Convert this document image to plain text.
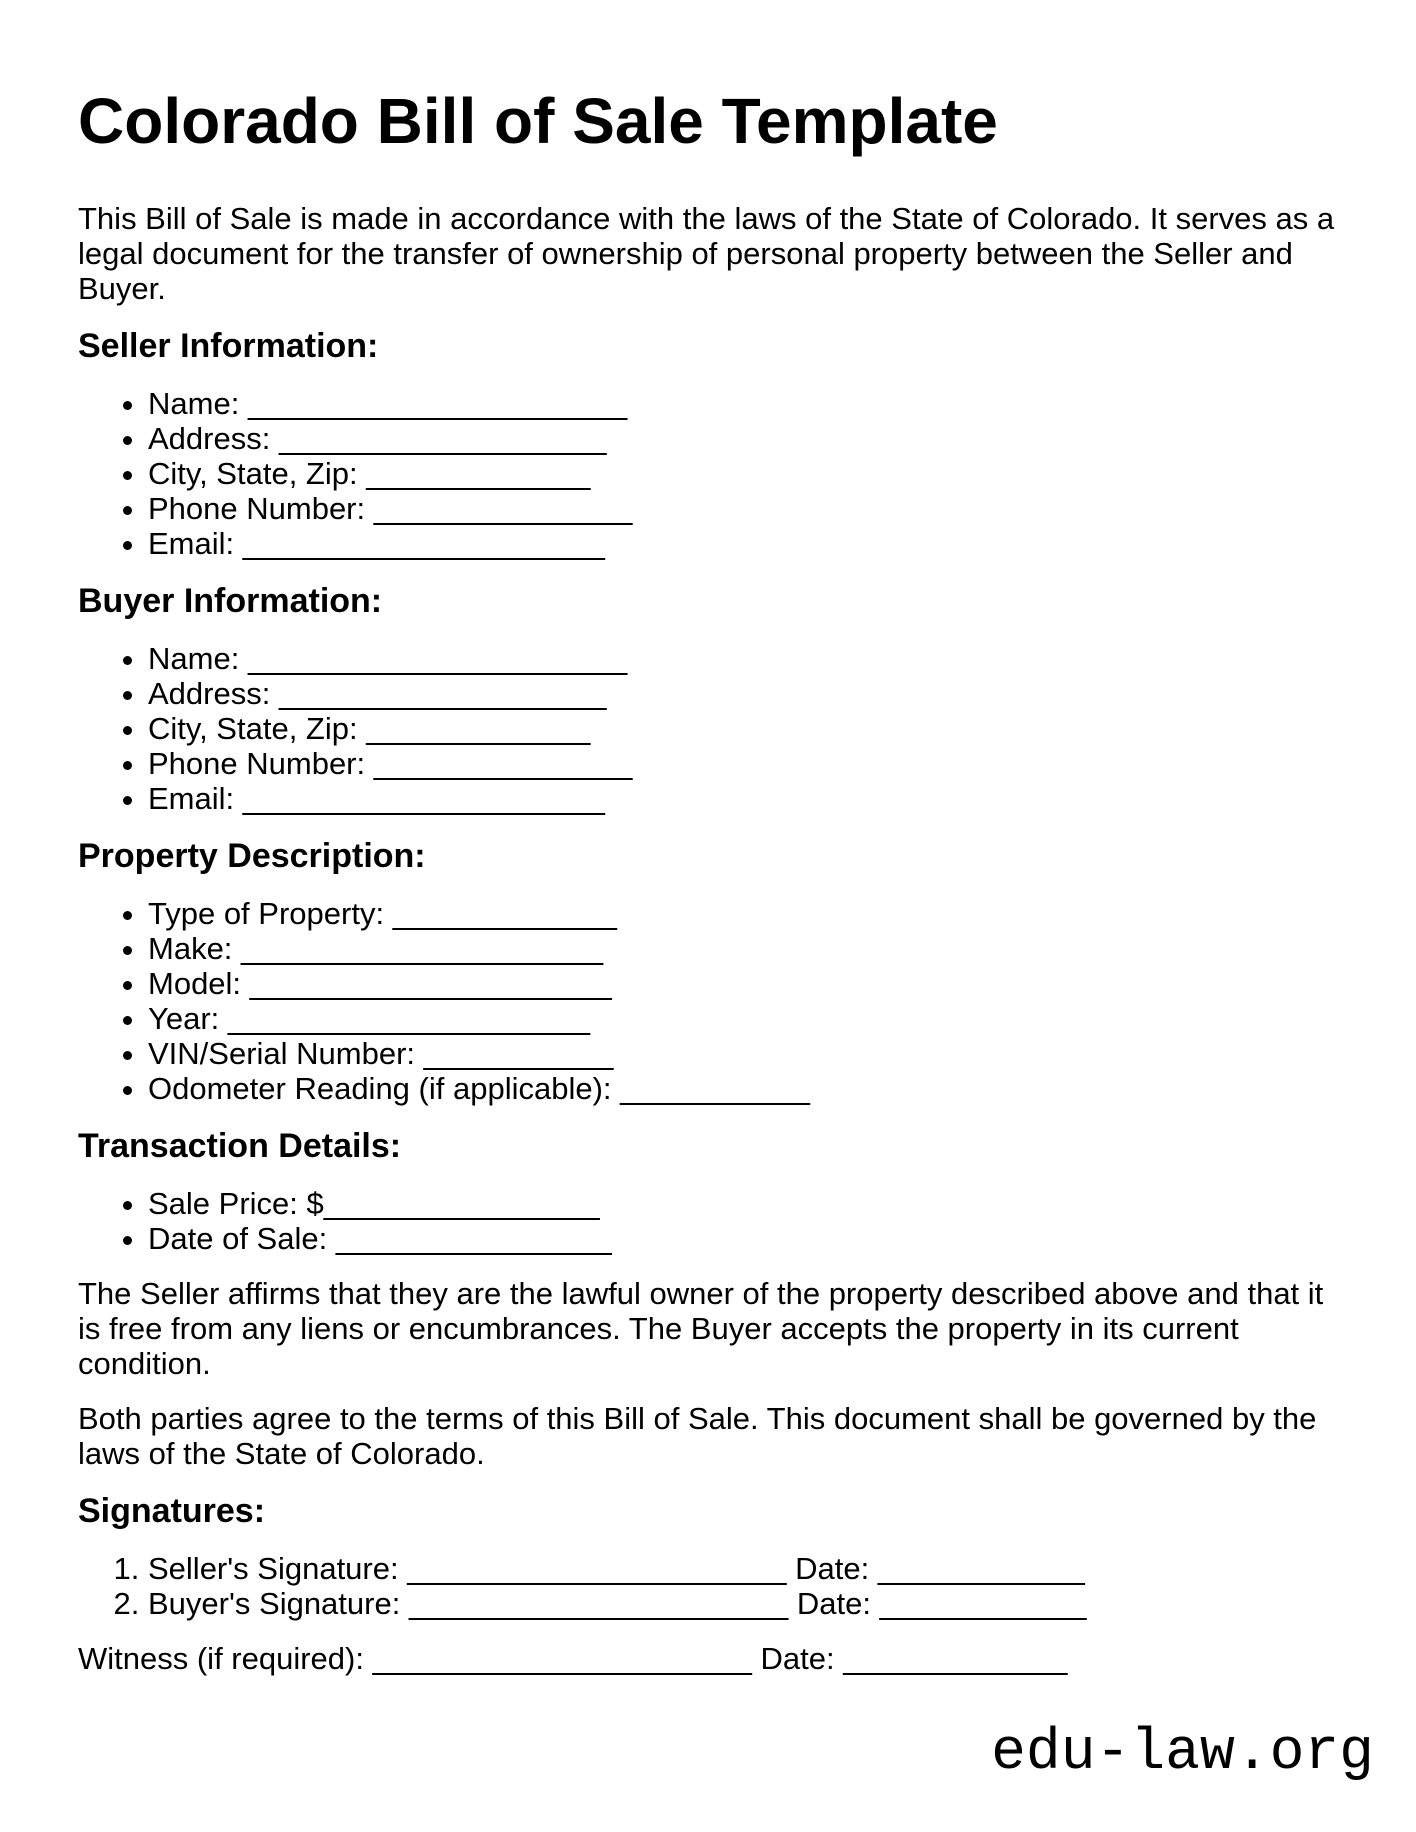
Colorado Bill of Sale Template

This Bill of Sale is made in accordance with the laws of the State of Colorado. It serves as a legal document for the transfer of ownership of personal property between the Seller and Buyer.

Seller Information:
• Name: ______________________
• Address: ___________________
• City, State, Zip: _____________
• Phone Number: _______________
• Email: _____________________
Buyer Information:
• Name: ______________________
• Address: ___________________
• City, State, Zip: _____________
• Phone Number: _______________
• Email: _____________________
Property Description:
• Type of Property: _____________
• Make: _____________________
• Model: _____________________
• Year: _____________________
• VIN/Serial Number: ___________
• Odometer Reading (if applicable): ___________
Transaction Details:
• Sale Price: $________________
• Date of Sale: ________________

The Seller affirms that they are the lawful owner of the property described above and that it is free from any liens or encumbrances. The Buyer accepts the property in its current condition.

Both parties agree to the terms of this Bill of Sale. This document shall be governed by the laws of the State of Colorado.

Signatures:
1. Seller's Signature: ______________________ Date: ____________
2. Buyer's Signature: ______________________ Date: ____________

Witness (if required): ______________________ Date: _____________

edu-law.org
